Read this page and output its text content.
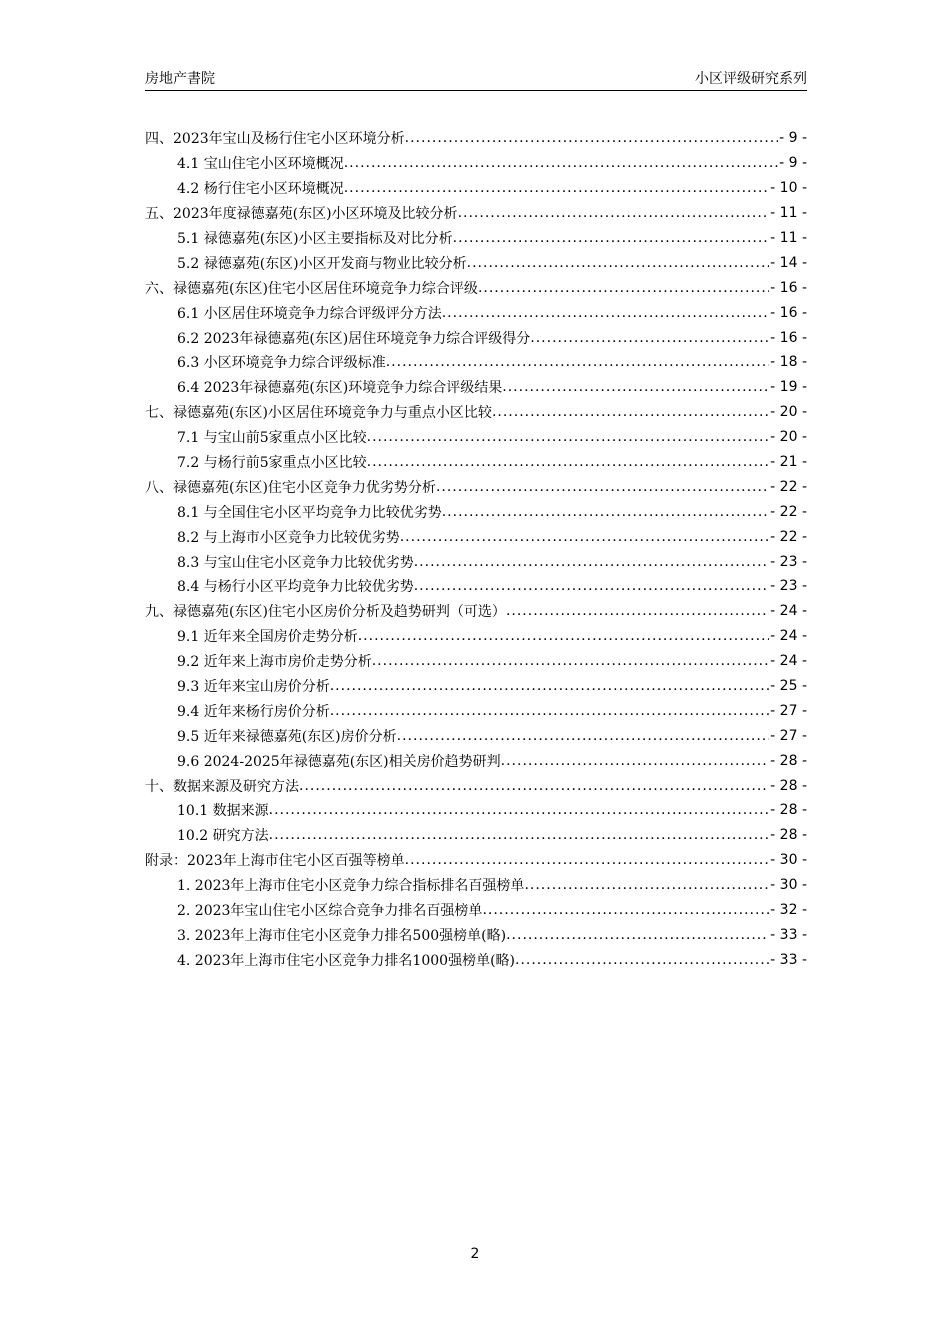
房地产書院	小区评级研究系列
四、2023年宝山及杨行住宅小区环境分析 .....	- 9 -
4.1 宝山住宅小区环境概况 .....	- 9 -
4.2 杨行住宅小区环境概况 .....	- 10 -
五、2023年度禄德嘉苑(东区)小区环境及比较分析 .....	- 11 -
5.1 禄德嘉苑(东区)小区主要指标及对比分析 .....	- 11 -
5.2 禄德嘉苑(东区)小区开发商与物业比较分析 .....	- 14 -
六、禄德嘉苑(东区)住宅小区居住环境竞争力综合评级 .....	- 16 -
6.1 小区居住环境竞争力综合评级评分方法 .....	- 16 -
6.2 2023年禄德嘉苑(东区)居住环境竞争力综合评级得分 .....	- 16 -
6.3 小区环境竞争力综合评级标准 .....	- 18 -
6.4 2023年禄德嘉苑(东区)环境竞争力综合评级结果 .....	- 19 -
七、禄德嘉苑(东区)小区居住环境竞争力与重点小区比较 .....	- 20 -
7.1 与宝山前5家重点小区比较 .....	- 20 -
7.2 与杨行前5家重点小区比较 .....	- 21 -
八、禄德嘉苑(东区)住宅小区竞争力优劣势分析 .....	- 22 -
8.1 与全国住宅小区平均竞争力比较优劣势 .....	- 22 -
8.2 与上海市小区竞争力比较优劣势 .....	- 22 -
8.3 与宝山住宅小区竞争力比较优劣势 .....	- 23 -
8.4 与杨行小区平均竞争力比较优劣势 .....	- 23 -
九、禄德嘉苑(东区)住宅小区房价分析及趋势研判（可选） .....	- 24 -
9.1 近年来全国房价走势分析 .....	- 24 -
9.2 近年来上海市房价走势分析 .....	- 24 -
9.3 近年来宝山房价分析 .....	- 25 -
9.4 近年来杨行房价分析 .....	- 27 -
9.5 近年来禄德嘉苑(东区)房价分析 .....	- 27 -
9.6 2024-2025年禄德嘉苑(东区)相关房价趋势研判 .....	- 28 -
十、数据来源及研究方法 .....	- 28 -
10.1 数据来源 .....	- 28 -
10.2 研究方法 .....	- 28 -
附录：2023年上海市住宅小区百强等榜单 .....	- 30 -
1. 2023年上海市住宅小区竞争力综合指标排名百强榜单 .....	- 30 -
2. 2023年宝山住宅小区综合竞争力排名百强榜单 .....	- 32 -
3. 2023年上海市住宅小区竞争力排名500强榜单(略) .....	- 33 -
4. 2023年上海市住宅小区竞争力排名1000强榜单(略) .....	- 33 -
2
